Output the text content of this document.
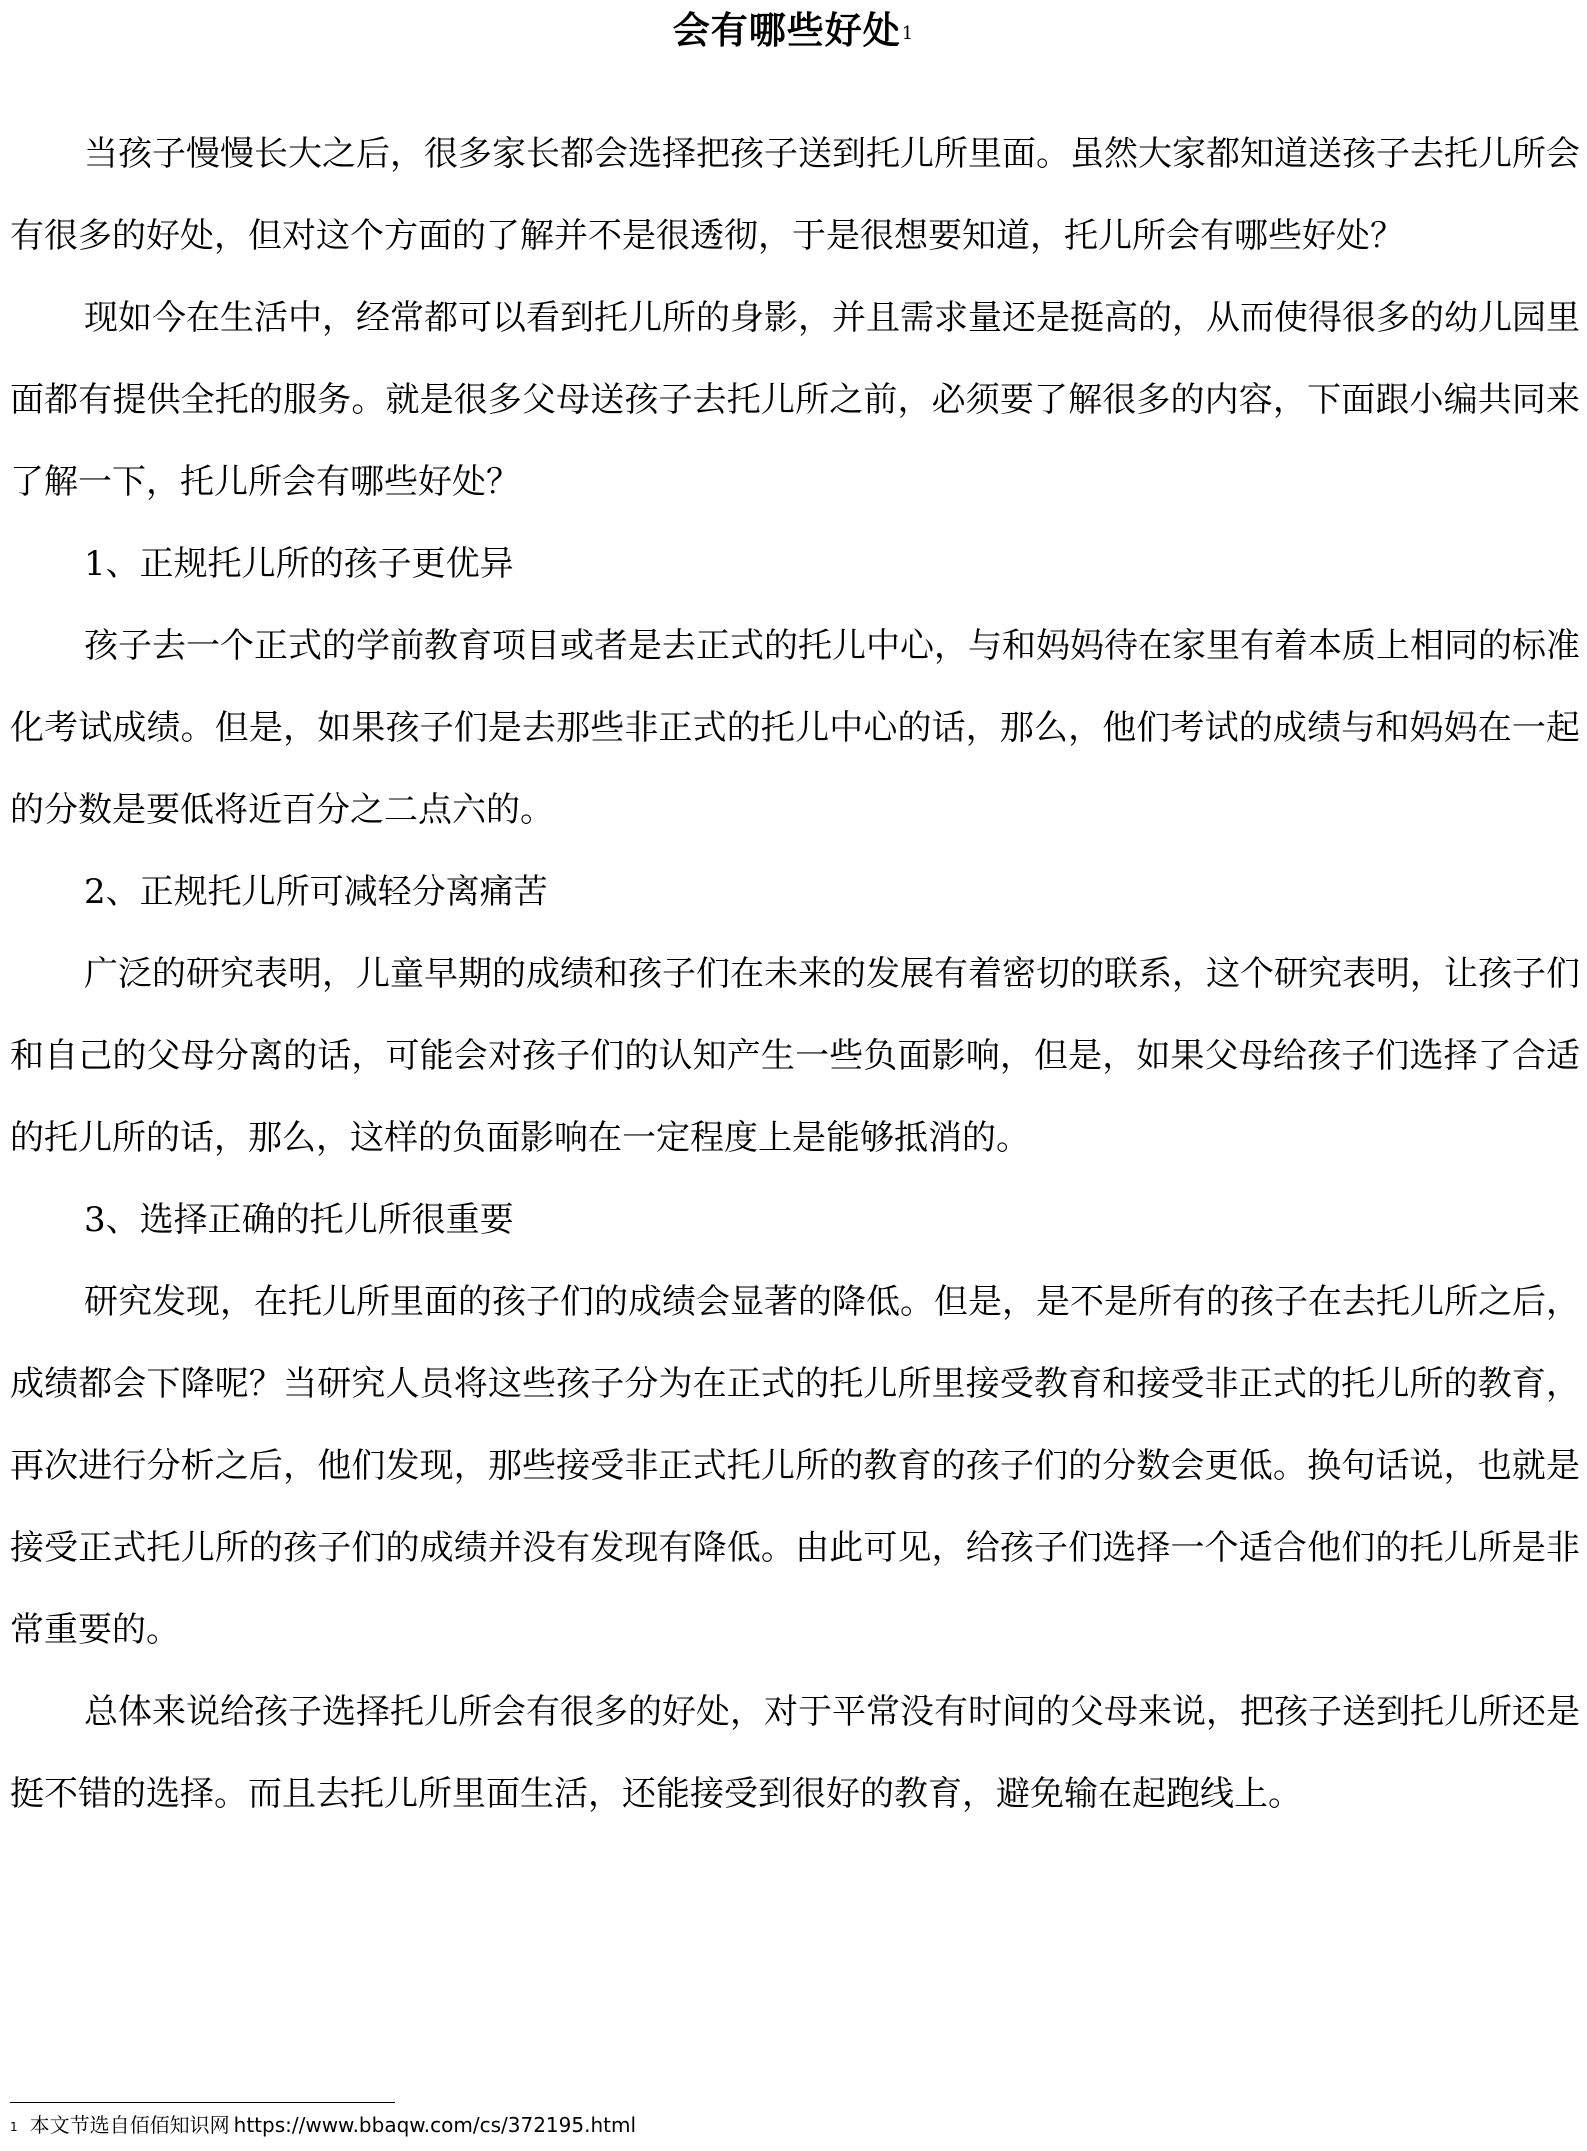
会有哪些好处$^1$

当孩子慢慢长大之后，很多家长都会选择把孩子送到托儿所里面。虽然大家都知道送孩子去托儿所会有很多的好处，但对这个方面的了解并不是很透彻，于是很想要知道，托儿所会有哪些好处？

现如今在生活中，经常都可以看到托儿所的身影，并且需求量还是挺高的，从而使得很多的幼儿园里面都有提供全托的服务。就是很多父母送孩子去托儿所之前，必须要了解很多的内容，下面跟小编共同来了解一下，托儿所会有哪些好处？

1、正规托儿所的孩子更优异

孩子去一个正式的学前教育项目或者是去正式的托儿中心，与和妈妈待在家里有着本质上相同的标准化考试成绩。但是，如果孩子们是去那些非正式的托儿中心的话，那么，他们考试的成绩与和妈妈在一起的分数是要低将近百分之二点六的。

2、正规托儿所可减轻分离痛苦

广泛的研究表明，儿童早期的成绩和孩子们在未来的发展有着密切的联系，这个研究表明，让孩子们和自己的父母分离的话，可能会对孩子们的认知产生一些负面影响，但是，如果父母给孩子们选择了合适的托儿所的话，那么，这样的负面影响在一定程度上是能够抵消的。

3、选择正确的托儿所很重要

研究发现，在托儿所里面的孩子们的成绩会显著的降低。但是，是不是所有的孩子在去托儿所之后，成绩都会下降呢？当研究人员将这些孩子分为在正式的托儿所里接受教育和接受非正式的托儿所的教育，再次进行分析之后，他们发现，那些接受非正式托儿所的教育的孩子们的分数会更低。换句话说，也就是接受正式托儿所的孩子们的成绩并没有发现有降低。由此可见，给孩子们选择一个适合他们的托儿所是非常重要的。

总体来说给孩子选择托儿所会有很多的好处，对于平常没有时间的父母来说，把孩子送到托儿所还是挺不错的选择。而且去托儿所里面生活，还能接受到很好的教育，避免输在起跑线上。

$^1$ 本文节选自佰佰知识网 https://www.bbaqw.com/cs/372195.html
